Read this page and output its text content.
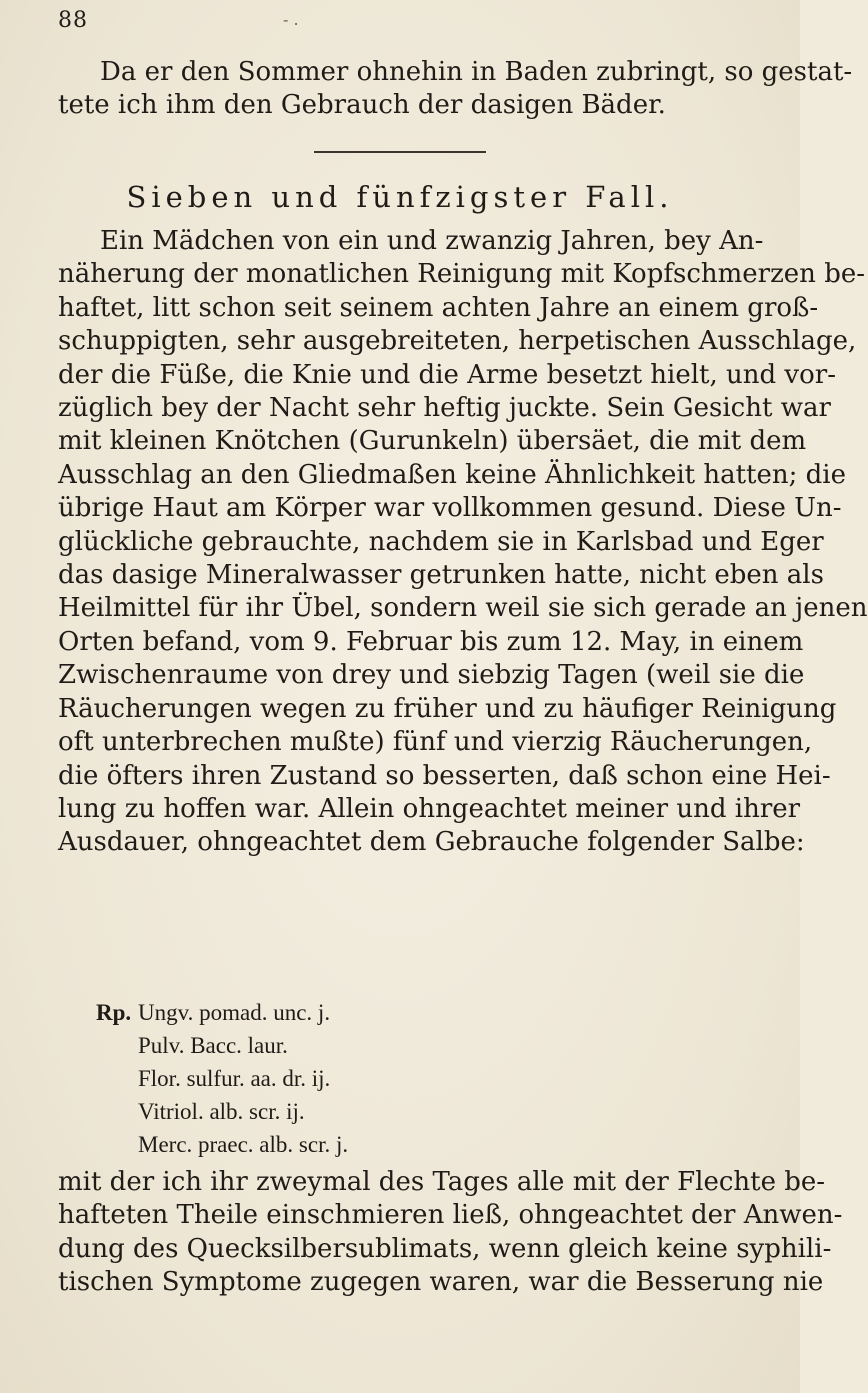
88	- .

Da er den Sommer ohnehin in Baden zubringt, so gestat-
tete ich ihm den Gebrauch der dasigen Bäder.

Sieben und fünfzigster Fall.

Ein Mädchen von ein und zwanzig Jahren, bey An-
näherung der monatlichen Reinigung mit Kopfschmerzen be-
haftet, litt schon seit seinem achten Jahre an einem groß-
schuppigten, sehr ausgebreiteten, herpetischen Ausschlage,
der die Füße, die Knie und die Arme besetzt hielt, und vor-
züglich bey der Nacht sehr heftig juckte. Sein Gesicht war
mit kleinen Knötchen (Gurunkeln) übersäet, die mit dem
Ausschlag an den Gliedmaßen keine Ähnlichkeit hatten; die
übrige Haut am Körper war vollkommen gesund. Diese Un-
glückliche gebrauchte, nachdem sie in Karlsbad und Eger
das dasige Mineralwasser getrunken hatte, nicht eben als
Heilmittel für ihr Übel, sondern weil sie sich gerade an jenen
Orten befand, vom 9. Februar bis zum 12. May, in einem
Zwischenraume von drey und siebzig Tagen (weil sie die
Räucherungen wegen zu früher und zu häufiger Reinigung
oft unterbrechen mußte) fünf und vierzig Räucherungen,
die öfters ihren Zustand so besserten, daß schon eine Hei-
lung zu hoffen war. Allein ohngeachtet meiner und ihrer
Ausdauer, ohngeachtet dem Gebrauche folgender Salbe:

Rp. Ungv. pomad. unc. j.
Pulv. Bacc. laur.
Flor. sulfur. aa. dr. ij.
Vitriol. alb. scr. ij.
Merc. praec. alb. scr. j.

mit der ich ihr zweymal des Tages alle mit der Flechte be-
hafteten Theile einschmieren ließ, ohngeachtet der Anwen-
dung des Quecksilbersublimats, wenn gleich keine syphili-
tischen Symptome zugegen waren, war die Besserung nie
